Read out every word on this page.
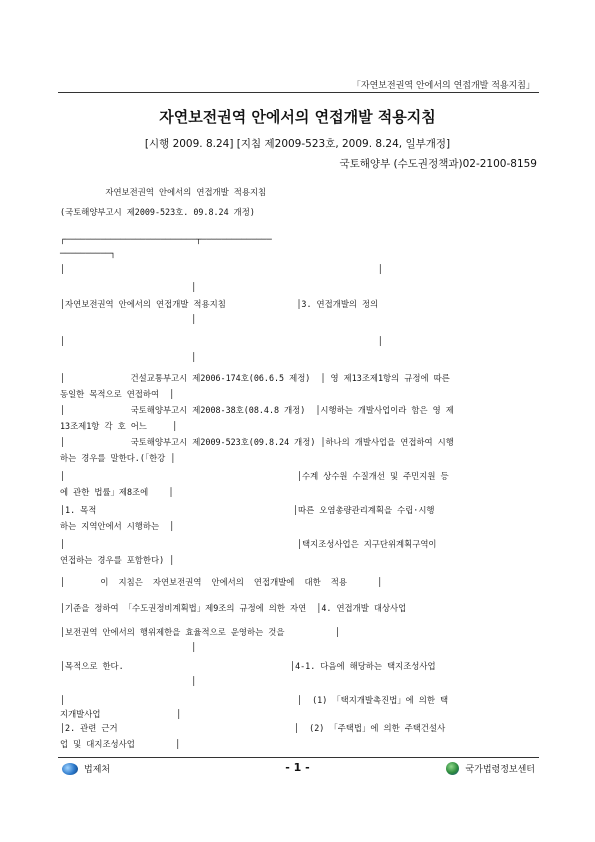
「자연보전권역 안에서의 연접개발 적용지침」
자연보전권역 안에서의 연접개발 적용지침
[시행 2009. 8.24] [지침 제2009-523호, 2009. 8.24, 일부개정]
국토해양부 (수도권정책과)02-2100-8159
자연보전권역 안에서의 연접개발 적용지침
(국토해양부고시 제2009-523호. 09.8.24 개정)
┌──────────────────────────┬──────────────
──────────┐
│                                                              │
│
│자연보전권역 안에서의 연접개발 적용지침              │3. 연접개발의 정의
│
│                                                              │
│
│             건설교통부고시 제2006-174호(06.6.5 제정)  │ 영 제13조제1항의 규정에 따른
동일한 목적으로 연접하여  │
│             국토해양부고시 제2008-38호(08.4.8 개정)  │시행하는 개발사업이라 함은 영 제
13조제1항 각 호 어느     │
│             국토해양부고시 제2009-523호(09.8.24 개정) │하나의 개발사업을 연접하여 시행
하는 경우를 말한다.(「한강 │
│                                              │수계 상수원 수질개선 및 주민지원 등
에 관한 법률」제8조에    │
│1. 목적                                       │따른 오염총량관리계획을 수립·시행
하는 지역안에서 시행하는  │
│                                              │택지조성사업은 지구단위계획구역이
연접하는 경우를 포함한다) │
│       이  지침은  자연보전권역  안에서의  연접개발에  대한  적용      │
│기준을 정하여 「수도권정비계획법」제9조의 규정에 의한 자연  │4. 연접개발 대상사업
│보전권역 안에서의 행위제한을 효율적으로 운영하는 것을          │
│
│목적으로 한다.                                 │4-1. 다음에 해당하는 택지조성사업
│
│                                              │  (1) 「택지개발촉진법」에 의한 택
지개발사업               │
│2. 관련 근거                                   │  (2) 「주택법」에 의한 주택건설사
업 및 대지조성사업        │
법제처	- 1 -	국가법령정보센터
